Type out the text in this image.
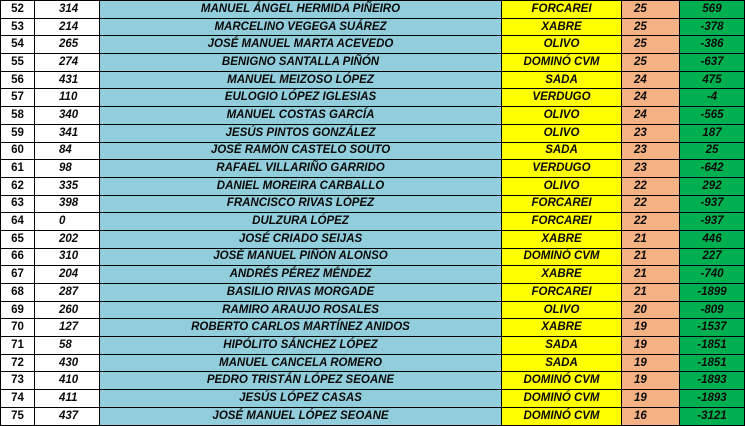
52	314	MANUEL ÁNGEL HERMIDA PIÑEIRO	FORCAREI	25	569
53	214	MARCELINO VEGEGA SUÁREZ	XABRE	25	-378
54	265	JOSÉ MANUEL MARTA ACEVEDO	OLIVO	25	-386
55	274	BENIGNO SANTALLA PIÑÓN	DOMINÓ CVM	25	-637
56	431	MANUEL MEIZOSO LÓPEZ	SADA	24	475
57	110	EULOGIO LÓPEZ IGLESIAS	VERDUGO	24	-4
58	340	MANUEL COSTAS GARCÍA	OLIVO	24	-565
59	341	JESÚS PINTOS GONZÁLEZ	OLIVO	23	187
60	84	JOSÉ RAMÓN CASTELO SOUTO	SADA	23	25
61	98	RAFAEL VILLARIÑO GARRIDO	VERDUGO	23	-642
62	335	DANIEL MOREIRA CARBALLO	OLIVO	22	292
63	398	FRANCISCO RIVAS LÓPEZ	FORCAREI	22	-937
64	0	DULZURA LÓPEZ	FORCAREI	22	-937
65	202	JOSÉ CRIADO SEIJAS	XABRE	21	446
66	310	JOSÉ MANUEL PIÑÓN ALONSO	DOMINÓ CVM	21	227
67	204	ANDRÉS PÉREZ MÉNDEZ	XABRE	21	-740
68	287	BASILIO RIVAS MORGADE	FORCAREI	21	-1899
69	260	RAMIRO ARAUJO ROSALES	OLIVO	20	-809
70	127	ROBERTO CARLOS MARTÍNEZ ANIDOS	XABRE	19	-1537
71	58	HIPÓLITO SÁNCHEZ LÓPEZ	SADA	19	-1851
72	430	MANUEL CANCELA ROMERO	SADA	19	-1851
73	410	PEDRO TRISTÁN LÓPEZ SEOANE	DOMINÓ CVM	19	-1893
74	411	JESÚS LÓPEZ CASAS	DOMINÓ CVM	19	-1893
75	437	JOSÉ MANUEL LÓPEZ SEOANE	DOMINÓ CVM	16	-3121
